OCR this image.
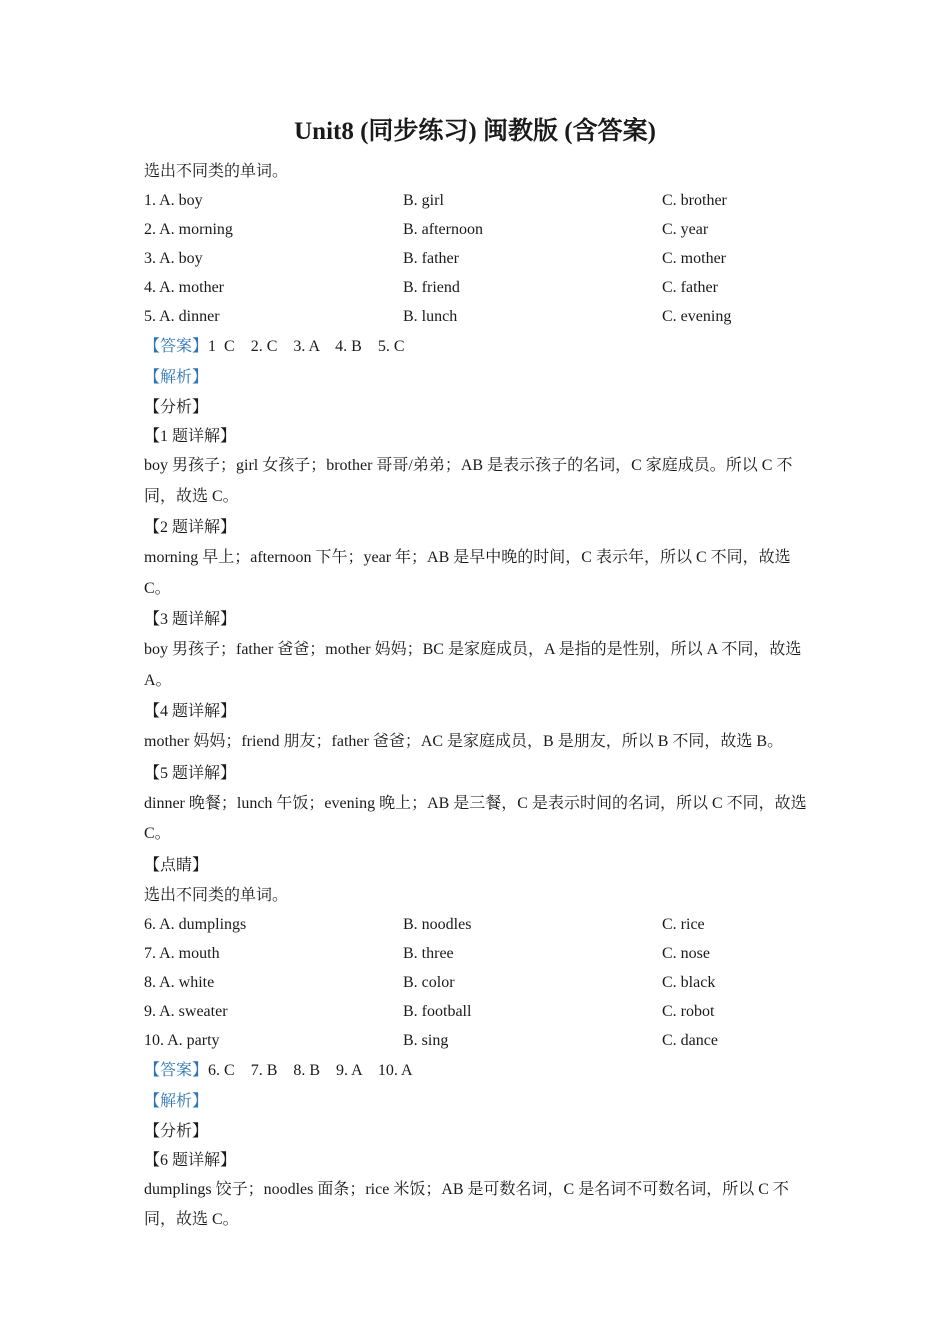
Unit8 (同步练习) 闽教版 (含答案)
选出不同类的单词。
1. A. boy	B. girl	C. brother
2. A. morning	B. afternoon	C. year
3. A. boy	B. father	C. mother
4. A. mother	B. friend	C. father
5. A. dinner	B. lunch	C. evening
【答案】1  C    2. C    3. A    4. B    5. C
【解析】
【分析】
【1 题详解】
boy 男孩子；girl 女孩子；brother 哥哥/弟弟；AB 是表示孩子的名词，C 家庭成员。所以 C 不同，故选 C。
【2 题详解】
morning 早上；afternoon 下午；year 年；AB 是早中晚的时间，C 表示年，所以 C 不同，故选 C。
【3 题详解】
boy 男孩子；father 爸爸；mother 妈妈；BC 是家庭成员，A 是指的是性别，所以 A 不同，故选 A。
【4 题详解】
mother 妈妈；friend 朋友；father 爸爸；AC 是家庭成员，B 是朋友，所以 B 不同，故选 B。
【5 题详解】
dinner 晚餐；lunch 午饭；evening 晚上；AB 是三餐，C 是表示时间的名词，所以 C 不同，故选 C。
【点睛】
选出不同类的单词。
6. A. dumplings	B. noodles	C. rice
7. A. mouth	B. three	C. nose
8. A. white	B. color	C. black
9. A. sweater	B. football	C. robot
10. A. party	B. sing	C. dance
【答案】6. C    7. B    8. B    9. A    10. A
【解析】
【分析】
【6 题详解】
dumplings 饺子；noodles 面条；rice 米饭；AB 是可数名词，C 是名词不可数名词，所以 C 不同，故选 C。
